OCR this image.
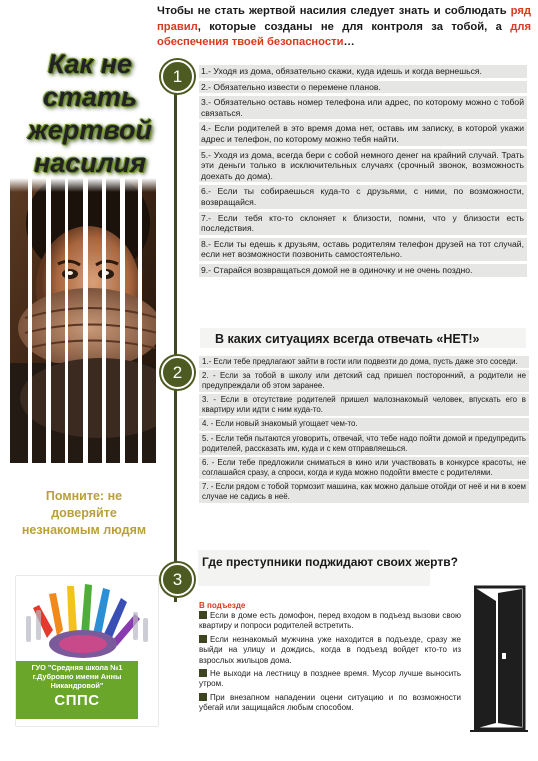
Чтобы не стать жертвой насилия следует знать и соблюдать ряд правил, которые созданы не для контроля за тобой, а для обеспечения твоей безопасности…
Как не
стать
жертвой
насилия
Помните: не доверяйте незнакомым людям
ГУО "Средняя школа №1 г.Дубровно имени Анны Никандровой"
СППС
1
2
3
1.- Уходя из дома, обязательно скажи, куда идешь и когда вернешься.
2.- Обязательно извести о перемене планов.
3.- Обязательно оставь номер телефона или адрес, по которому можно с тобой связаться.
4.- Если родителей в это время дома нет, оставь им записку, в которой укажи адрес и телефон, по которому можно тебя найти.
5.- Уходя из дома, всегда бери с собой немного денег на крайний случай. Трать эти деньги только в исключительных случаях (срочный звонок, возможность доехать до дома).
6.- Если ты собираешься куда-то с друзьями, с ними, по возможности, возвращайся.
7.- Если тебя кто-то склоняет к близости, помни, что у близости есть последствия.
8.- Если ты едешь к друзьям, оставь родителям телефон друзей на тот случай, если нет возможности позвонить самостоятельно.
9.- Старайся возвращаться домой не в одиночку и не очень поздно.
В каких ситуациях всегда отвечать «НЕТ!»
1.- Если тебе предлагают зайти в гости или подвезти до дома, пусть даже это соседи.
2. - Если за тобой в школу или детский сад пришел посторонний, а родители не предупреждали об этом заранее.
3. - Если в отсутствие родителей пришел малознакомый человек, впускать его в квартиру или идти с ним куда-то.
4. - Если новый знакомый угощает чем-то.
5. - Если тебя пытаются уговорить, отвечай, что тебе надо пойти домой и предупредить родителей, рассказать им, куда и с кем отправляешься.
6. - Если тебе предложили сниматься в кино или участвовать в конкурсе красоты, не соглашайся сразу, а спроси, когда и куда можно подойти вместе с родителями.
7. - Если рядом с тобой тормозит машина, как можно дальше отойди от неё и ни в коем случае не садись в неё.
Где преступники поджидают своих жертв?
В подъезде
Если в доме есть домофон, перед входом в подъезд вызови свою квартиру и попроси родителей встретить.
Если незнакомый мужчина уже находится в подъезде, сразу же выйди на улицу и дождись, когда в подъезд войдет кто-то из взрослых жильцов дома.
Не выходи на лестницу в позднее время. Мусор лучше выносить утром.
При внезапном нападении оцени ситуацию и по возможности убегай или защищайся любым способом.
